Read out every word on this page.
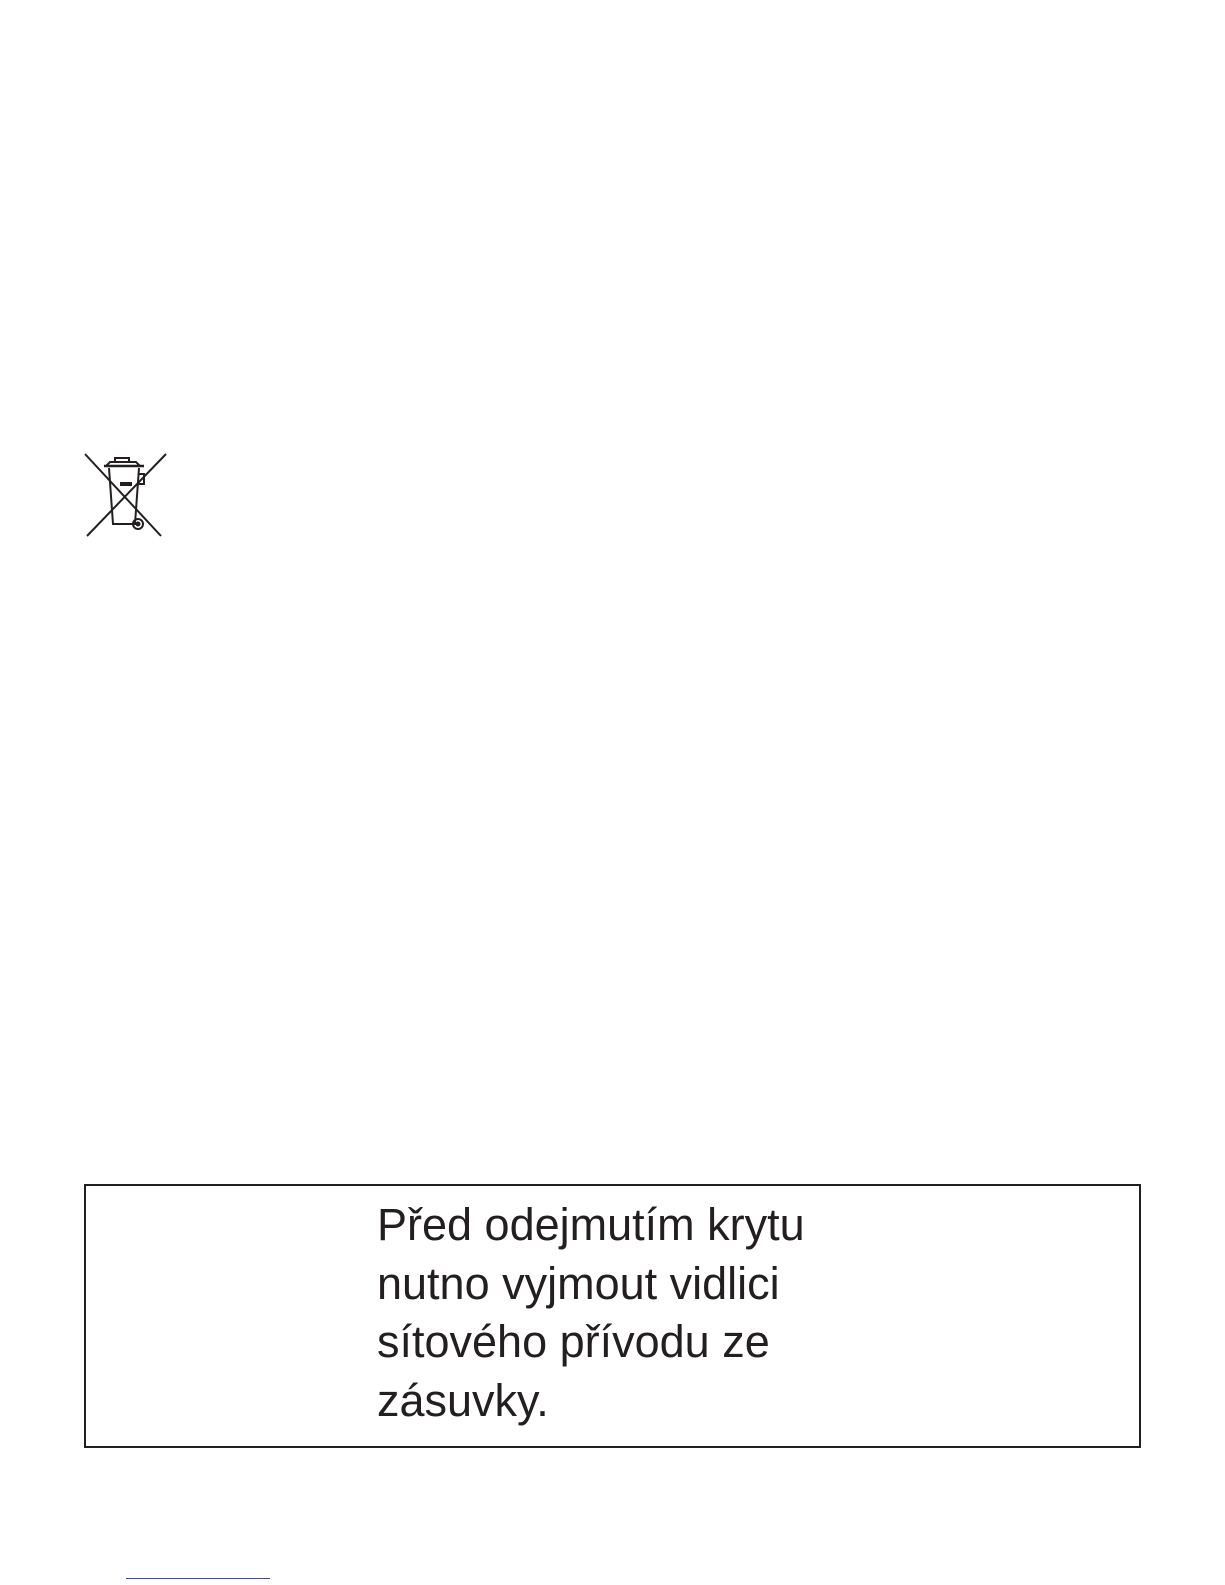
Před odejmutím krytu
nutno vyjmout vidlici
sítového přívodu ze
zásuvky.
